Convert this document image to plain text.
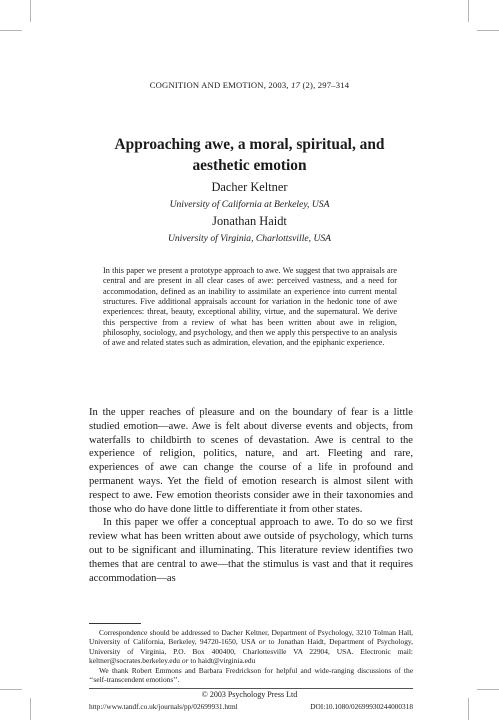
COGNITION AND EMOTION, 2003, 17 (2), 297–314
Approaching awe, a moral, spiritual, and
aesthetic emotion
Dacher Keltner
University of California at Berkeley, USA
Jonathan Haidt
University of Virginia, Charlottsville, USA
In this paper we present a prototype approach to awe. We suggest that two appraisals are central and are present in all clear cases of awe: perceived vastness, and a need for accommodation, defined as an inability to assimilate an experience into current mental structures. Five additional appraisals account for variation in the hedonic tone of awe experiences: threat, beauty, exceptional ability, virtue, and the supernatural. We derive this perspective from a review of what has been written about awe in religion, philosophy, sociology, and psychology, and then we apply this perspective to an analysis of awe and related states such as admiration, elevation, and the epiphanic experience.

In the upper reaches of pleasure and on the boundary of fear is a little studied emotion—awe. Awe is felt about diverse events and objects, from waterfalls to childbirth to scenes of devastation. Awe is central to the experience of religion, politics, nature, and art. Fleeting and rare, experiences of awe can change the course of a life in profound and permanent ways. Yet the field of emotion research is almost silent with respect to awe. Few emotion theorists consider awe in their taxonomies and those who do have done little to differentiate it from other states.

In this paper we offer a conceptual approach to awe. To do so we first review what has been written about awe outside of psychology, which turns out to be significant and illuminating. This literature review identifies two themes that are central to awe—that the stimulus is vast and that it requires accommodation—as

Correspondence should be addressed to Dacher Keltner, Department of Psychology, 3210 Tolman Hall, University of California, Berkeley, 94720-1650, USA or to Jonathan Haidt, Department of Psychology, University of Virginia, P.O. Box 400400, Charlottesville VA 22904, USA. Electronic mail: keltner@socrates.berkeley.edu or to haidt@virginia.edu

We thank Robert Emmons and Barbara Fredrickson for helpful and wide-ranging discussions of the ‘‘self-transcendent emotions’’.

© 2003 Psychology Press Ltd
http://www.tandf.co.uk/journals/pp/02699931.html	DOI:10.1080/02699930244000318
